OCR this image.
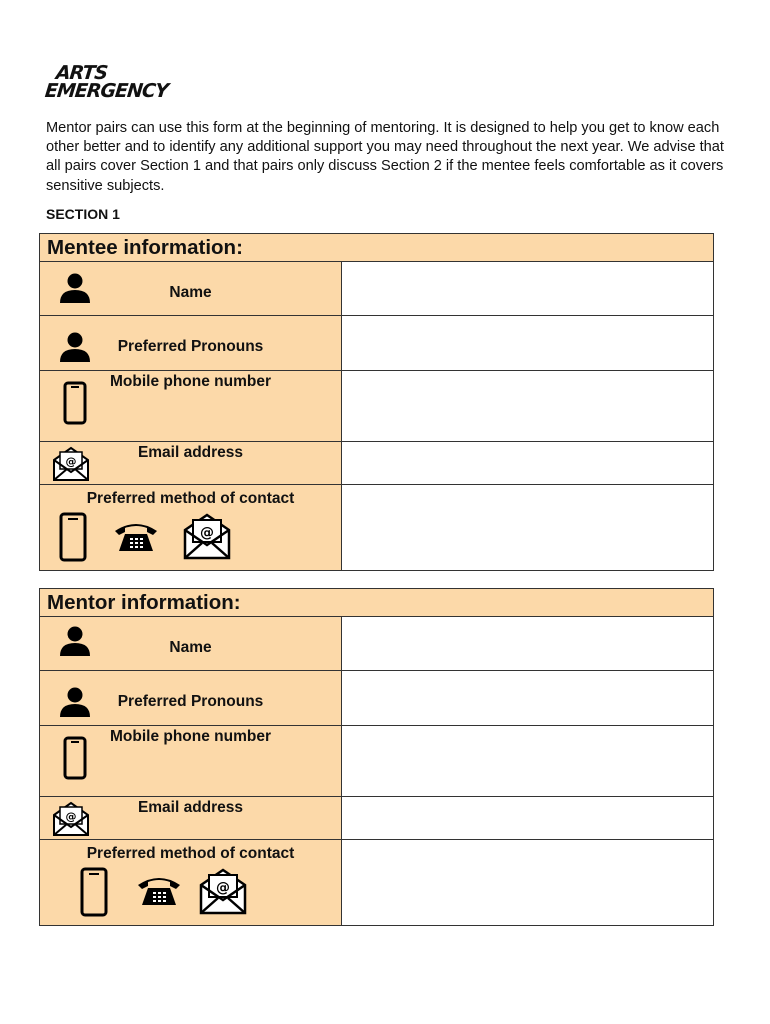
ARTS
EMERGENCY

Mentor pairs can use this form at the beginning of mentoring. It is designed to help you get to know each other better and to identify any additional support you may need throughout the next year. We advise that all pairs cover Section 1 and that pairs only discuss Section 2 if the mentee feels comfortable as it covers sensitive subjects.

SECTION 1

Mentee information:
Name
Preferred Pronouns
Mobile phone number
@
Email address
Preferred method of contact
@
Mentor information:
Name
Preferred Pronouns
Mobile phone number
@
Email address
Preferred method of contact
@
